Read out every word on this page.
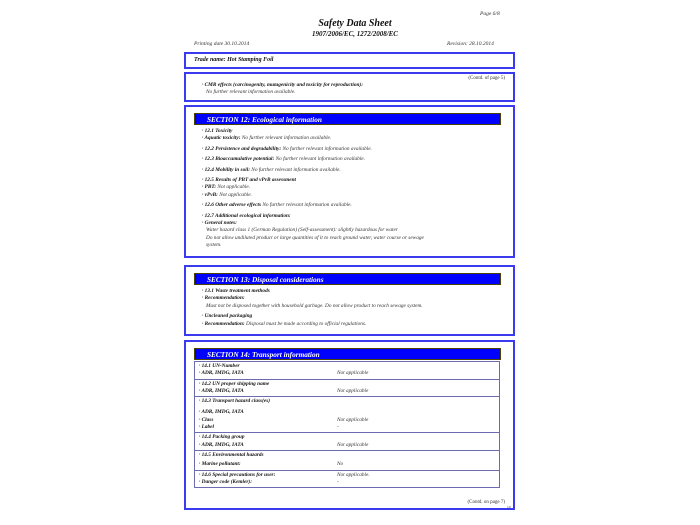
Page 6/8
Safety Data Sheet
1907/2006/EC, 1272/2008/EC
Printing date 30.10.2014	Revision: 28.10.2014
Trade name: Hot Stamping Foil
(Contd. of page 5)
· CMR effects (carcinogenity, mutagenicity and toxicity for reproduction):
No further relevant information available.
SECTION 12: Ecological information
· 12.1 Toxicity
· Aquatic toxicity: No further relevant information available.
· 12.2 Persistence and degradability: No further relevant information available.
· 12.3 Bioaccumulative potential: No further relevant information available.
· 12.4 Mobility in soil: No further relevant information available.
· 12.5 Results of PBT and vPvB assessment
· PBT: Not applicable.
· vPvB: Not applicable.
· 12.6 Other adverse effects No further relevant information available.
· 12.7 Additional ecological information:
· General notes:
Water hazard class 1 (German Regulation) (Self-assessment): slightly hazardous for water
Do not allow undiluted product or large quantities of it to reach ground water, water course or sewage
system.
SECTION 13: Disposal considerations
· 13.1 Waste treatment methods
· Recommendation:
Must not be disposed together with household garbage. Do not allow product to reach sewage system.
· Uncleaned packaging
· Recommendation: Disposal must be made according to official regulations.
SECTION 14: Transport information
· 14.1 UN-Number
· ADR, IMDG, IATA	Not applicable
· 14.2 UN proper shipping name
· ADR, IMDG, IATA	Not applicable
· 14.3 Transport hazard class(es)
· ADR, IMDG, IATA
· Class	Not applicable
· Label	-
· 14.4 Packing group
· ADR, IMDG, IATA	Not applicable
· 14.5 Environmental hazards
· Marine pollutant:	No
· 14.6 Special precautions for user:	Not applicable.
· Danger code (Kemler):	-
(Contd. on page 7)
GB
